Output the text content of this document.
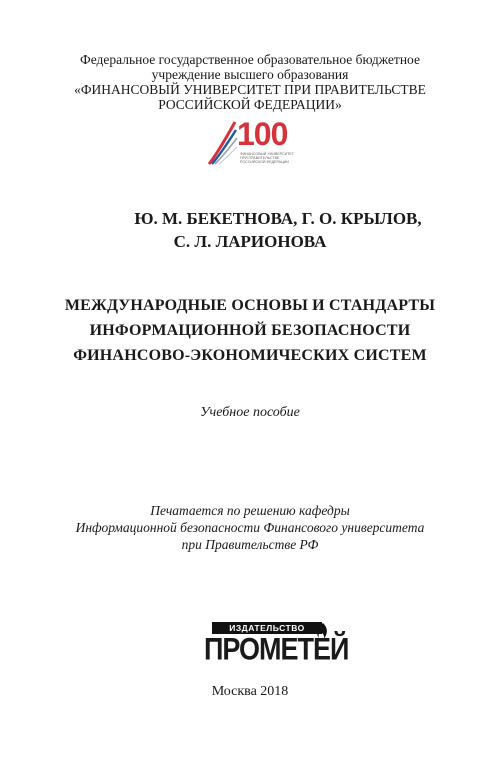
Федеральное государственное образовательное бюджетное
учреждение высшего образования
«ФИНАНСОВЫЙ УНИВЕРСИТЕТ ПРИ ПРАВИТЕЛЬСТВЕ
РОССИЙСКОЙ ФЕДЕРАЦИИ»
100
ФИНАНСОВЫЙ УНИВЕРСИТЕТ
ПРИ ПРАВИТЕЛЬСТВЕ
РОССИЙСКОЙ ФЕДЕРАЦИИ
Ю. М. БЕКЕТНОВА, Г. О. КРЫЛОВ,
С. Л. ЛАРИОНОВА
МЕЖДУНАРОДНЫЕ ОСНОВЫ И СТАНДАРТЫ
ИНФОРМАЦИОННОЙ БЕЗОПАСНОСТИ
ФИНАНСОВО-ЭКОНОМИЧЕСКИХ СИСТЕМ
Учебное пособие
Печатается по решению кафедры
Информационной безопасности Финансового университета
при Правительстве РФ
ИЗДАТЕЛЬСТВО
ПРОМЕТЕЙ
Москва 2018
